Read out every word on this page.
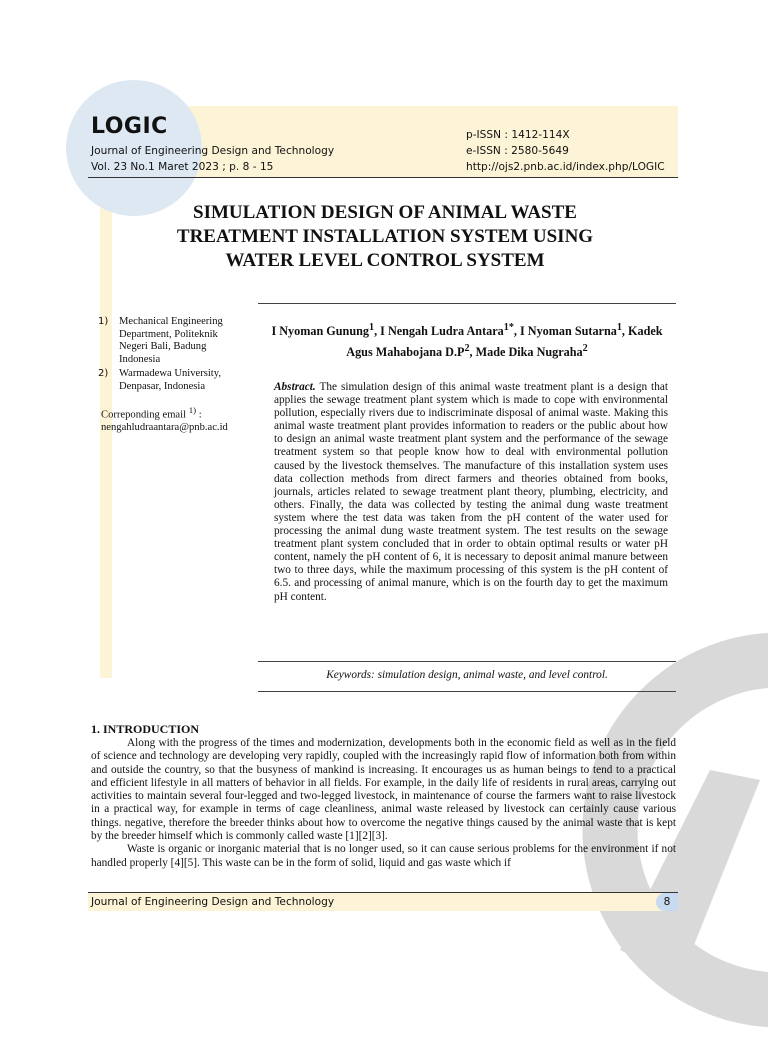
LOGIC
Journal of Engineering Design and Technology
Vol. 23 No.1 Maret 2023 ; p. 8 - 15
p-ISSN : 1412-114X
e-ISSN : 2580-5649
http://ojs2.pnb.ac.id/index.php/LOGIC
SIMULATION DESIGN OF ANIMAL WASTE
TREATMENT INSTALLATION SYSTEM USING
WATER LEVEL CONTROL SYSTEM
I Nyoman Gunung$^1$, I Nengah Ludra Antara$^{1*}$, I Nyoman Sutarna$^1$, Kadek Agus Mahabojana $D.P^2$, Made Dika Nugraha$^2$
1)	Mechanical Engineering Department, Politeknik Negeri Bali, Badung Indonesia
2)	Warmadewa University, Denpasar, Indonesia
Correponding email $^{1)}$ :
nengahludraantara@pnb.ac.id
Abstract. The simulation design of this animal waste treatment plant is a design that applies the sewage treatment plant system which is made to cope with environmental pollution, especially rivers due to indiscriminate disposal of animal waste. Making this animal waste treatment plant provides information to readers or the public about how to design an animal waste treatment plant system and the performance of the sewage treatment system so that people know how to deal with environmental pollution caused by the livestock themselves. The manufacture of this installation system uses data collection methods from direct farmers and theories obtained from books, journals, articles related to sewage treatment plant theory, plumbing, electricity, and others. Finally, the data was collected by testing the animal dung waste treatment system where the test data was taken from the pH content of the water used for processing the animal dung waste treatment system. The test results on the sewage treatment plant system concluded that in order to obtain optimal results or water pH content, namely the pH content of 6, it is necessary to deposit animal manure between two to three days, while the maximum processing of this system is the pH content of 6.5. and processing of animal manure, which is on the fourth day to get the maximum pH content.
Keywords: simulation design, animal waste, and level control.
1. INTRODUCTION

Along with the progress of the times and modernization, developments both in the economic field as well as in the field of science and technology are developing very rapidly, coupled with the increasingly rapid flow of information both from within and outside the country, so that the busyness of mankind is increasing. It encourages us as human beings to tend to a practical and efficient lifestyle in all matters of behavior in all fields. For example, in the daily life of residents in rural areas, carrying out activities to maintain several four-legged and two-legged livestock, in maintenance of course the farmers want to raise livestock in a practical way, for example in terms of cage cleanliness, animal waste released by livestock can certainly cause various things. negative, therefore the breeder thinks about how to overcome the negative things caused by the animal waste that is kept by the breeder himself which is commonly called waste [1][2][3].

Waste is organic or inorganic material that is no longer used, so it can cause serious problems for the environment if not handled properly [4][5]. This waste can be in the form of solid, liquid and gas waste which if

Journal of Engineering Design and Technology	8
